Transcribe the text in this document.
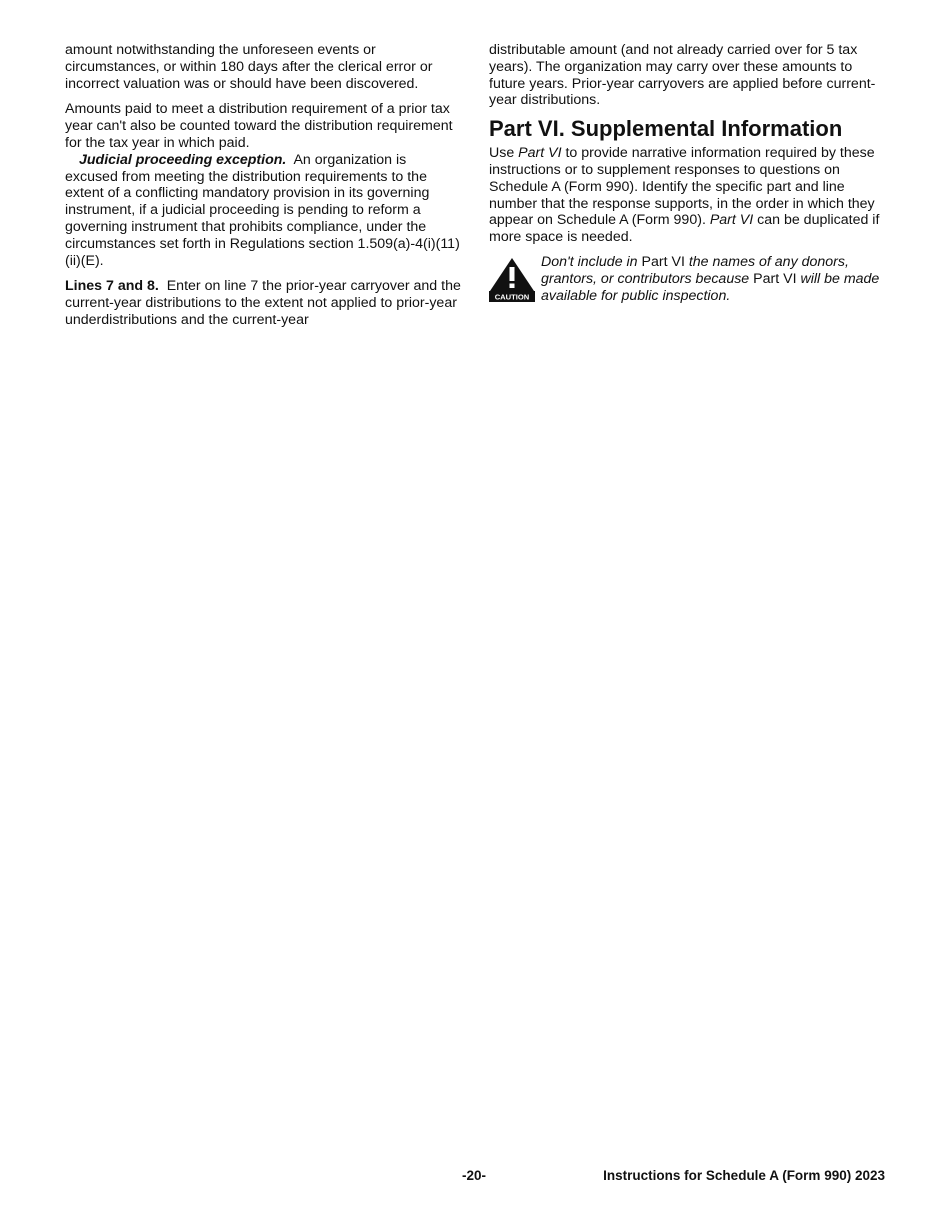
amount notwithstanding the unforeseen events or circumstances, or within 180 days after the clerical error or incorrect valuation was or should have been discovered.

Amounts paid to meet a distribution requirement of a prior tax year can't also be counted toward the distribution requirement for the tax year in which paid.

Judicial proceeding exception. An organization is excused from meeting the distribution requirements to the extent of a conflicting mandatory provision in its governing instrument, if a judicial proceeding is pending to reform a governing instrument that prohibits compliance, under the circumstances set forth in Regulations section 1.509(a)-4(i)(11)(ii)(E).

Lines 7 and 8. Enter on line 7 the prior-year carryover and the current-year distributions to the extent not applied to prior-year underdistributions and the current-year

distributable amount (and not already carried over for 5 tax years). The organization may carry over these amounts to future years. Prior-year carryovers are applied before current-year distributions.

Part VI. Supplemental Information

Use Part VI to provide narrative information required by these instructions or to supplement responses to questions on Schedule A (Form 990). Identify the specific part and line number that the response supports, in the order in which they appear on Schedule A (Form 990). Part VI can be duplicated if more space is needed.

CAUTION

Don't include in Part VI the names of any donors, grantors, or contributors because Part VI will be made available for public inspection.

-20-	Instructions for Schedule A (Form 990) 2023
